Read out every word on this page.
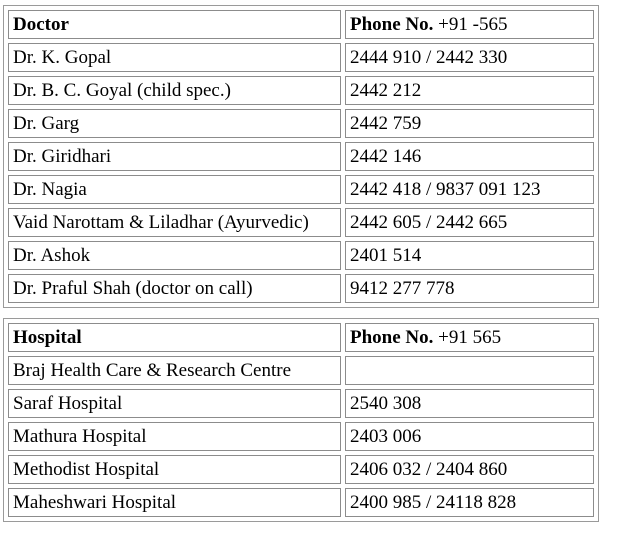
Doctor	Phone No. +91 -565
Dr. K. Gopal	2444 910 / 2442 330
Dr. B. C. Goyal (child spec.)	2442 212
Dr. Garg	2442 759
Dr. Giridhari	2442 146
Dr. Nagia	2442 418 / 9837 091 123
Vaid Narottam & Liladhar (Ayurvedic)	2442 605 / 2442 665
Dr. Ashok	2401 514
Dr. Praful Shah (doctor on call)	9412 277 778
Hospital	Phone No. +91 565
Braj Health Care & Research Centre	
Saraf Hospital	2540 308
Mathura Hospital	2403 006
Methodist Hospital	2406 032 / 2404 860
Maheshwari Hospital	2400 985 / 24118 828
